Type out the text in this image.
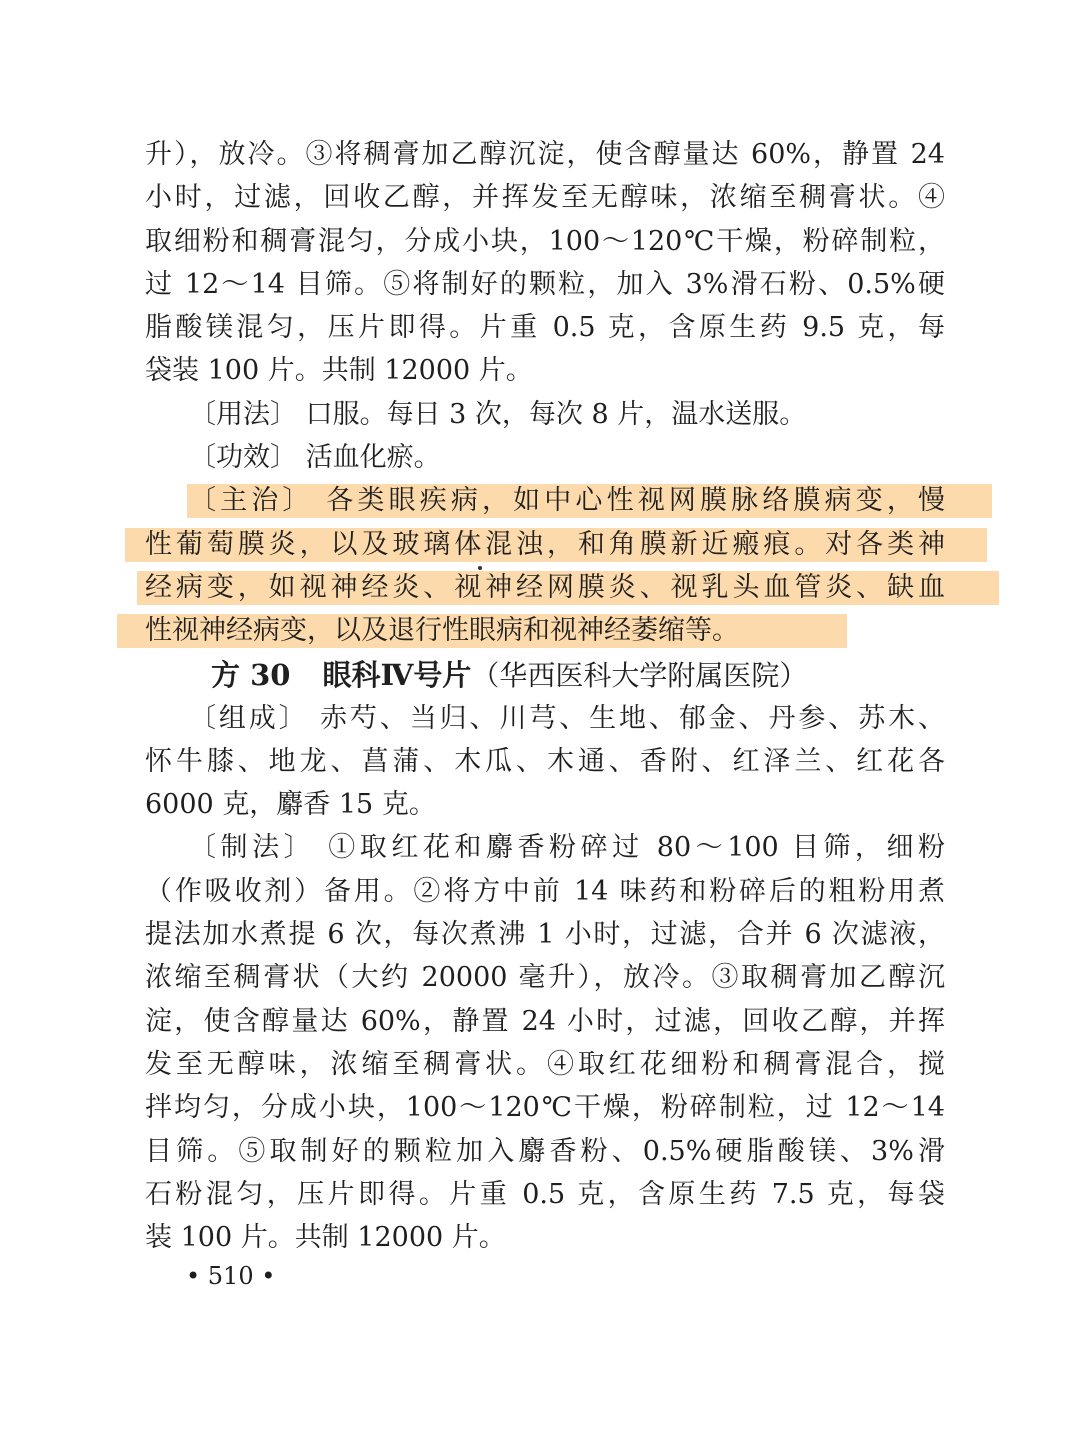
升），放冷。③将稠膏加乙醇沉淀，使含醇量达 60%，静置 24
小时，过滤，回收乙醇，并挥发至无醇味，浓缩至稠膏状。④
取细粉和稠膏混匀，分成小块，100～120℃干燥，粉碎制粒，
过 12～14 目筛。⑤将制好的颗粒，加入 3%滑石粉、0.5%硬
脂酸镁混匀，压片即得。片重 0.5 克，含原生药 9.5 克，每
袋装 100 片。共制 12000 片。
〔用法〕 口服。每日 3 次，每次 8 片，温水送服。
〔功效〕 活血化瘀。
〔主治〕 各类眼疾病，如中心性视网膜脉络膜病变，慢
性葡萄膜炎，以及玻璃体混浊，和角膜新近瘢痕。对各类神
经病变，如视神经炎、视神经网膜炎、视乳头血管炎、缺血
性视神经病变，以及退行性眼病和视神经萎缩等。
方 30 眼科Ⅳ号片（华西医科大学附属医院）
〔组成〕 赤芍、当归、川芎、生地、郁金、丹参、苏木、
怀牛膝、地龙、菖蒲、木瓜、木通、香附、红泽兰、红花各
6000 克，麝香 15 克。
〔制法〕 ①取红花和麝香粉碎过 80～100 目筛，细粉
（作吸收剂）备用。②将方中前 14 味药和粉碎后的粗粉用煮
提法加水煮提 6 次，每次煮沸 1 小时，过滤，合并 6 次滤液，
浓缩至稠膏状（大约 20000 毫升），放冷。③取稠膏加乙醇沉
淀，使含醇量达 60%，静置 24 小时，过滤，回收乙醇，并挥
发至无醇味，浓缩至稠膏状。④取红花细粉和稠膏混合，搅
拌均匀，分成小块，100～120℃干燥，粉碎制粒，过 12～14
目筛。⑤取制好的颗粒加入麝香粉、0.5%硬脂酸镁、3%滑
石粉混匀，压片即得。片重 0.5 克，含原生药 7.5 克，每袋
装 100 片。共制 12000 片。
• 510 •
